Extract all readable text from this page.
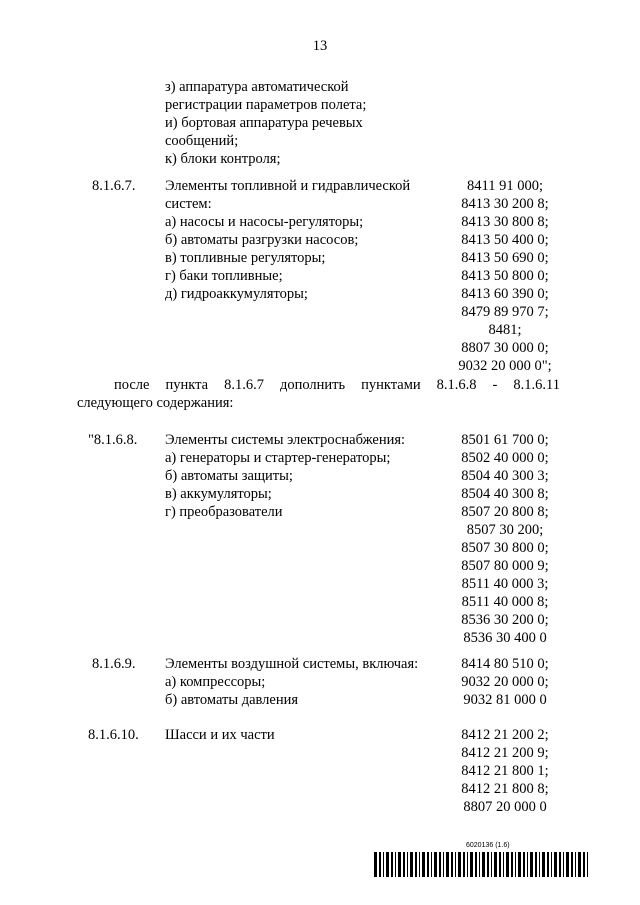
13
з) аппаратура автоматической
регистрации параметров полета;
и) бортовая аппаратура речевых
сообщений;
к) блоки контроля;
8.1.6.7. Элементы топливной и гидравлической
систем:
а) насосы и насосы-регуляторы;
б) автоматы разгрузки насосов;
в) топливные регуляторы;
г) баки топливные;
д) гидроаккумуляторы;
8411 91 000;
8413 30 200 8;
8413 30 800 8;
8413 50 400 0;
8413 50 690 0;
8413 50 800 0;
8413 60 390 0;
8479 89 970 7;
8481;
8807 30 000 0;
9032 20 000 0";
после пункта 8.1.6.7 дополнить пунктами 8.1.6.8 - 8.1.6.11
следующего содержания:
"8.1.6.8. Элементы системы электроснабжения:
а) генераторы и стартер-генераторы;
б) автоматы защиты;
в) аккумуляторы;
г) преобразователи
8501 61 700 0;
8502 40 000 0;
8504 40 300 3;
8504 40 300 8;
8507 20 800 8;
8507 30 200;
8507 30 800 0;
8507 80 000 9;
8511 40 000 3;
8511 40 000 8;
8536 30 200 0;
8536 30 400 0
8.1.6.9. Элементы воздушной системы, включая:
а) компрессоры;
б) автоматы давления
8414 80 510 0;
9032 20 000 0;
9032 81 000 0
8.1.6.10. Шасси и их части	8412 21 200 2;
8412 21 200 9;
8412 21 800 1;
8412 21 800 8;
8807 20 000 0
6020136 (1.6)
